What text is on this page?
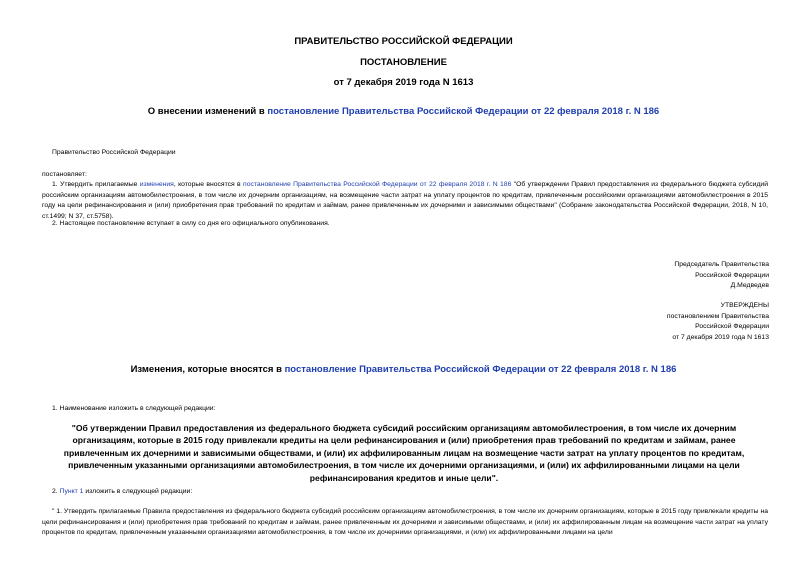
ПРАВИТЕЛЬСТВО РОССИЙСКОЙ ФЕДЕРАЦИИ
ПОСТАНОВЛЕНИЕ
от 7 декабря 2019 года N 1613
О внесении изменений в постановление Правительства Российской Федерации от 22 февраля 2018 г. N 186
Правительство Российской Федерации
постановляет:
1. Утвердить прилагаемые изменения, которые вносятся в постановление Правительства Российской Федерации от 22 февраля 2018 г. N 186 "Об утверждении Правил предоставления из федерального бюджета субсидий российским организациям автомобилестроения, в том числе их дочерним организациям, на возмещение части затрат на уплату процентов по кредитам, привлеченным российскими организациями автомобилестроения в 2015 году на цели рефинансирования и (или) приобретения прав требований по кредитам и займам, ранее привлеченным их дочерними и зависимыми обществами" (Собрание законодательства Российской Федерации, 2018, N 10, ст.1499; N 37, ст.5758).
2. Настоящее постановление вступает в силу со дня его официального опубликования.
Председатель Правительства
Российской Федерации
Д.Медведев
УТВЕРЖДЕНЫ
постановлением Правительства
Российской Федерации
от 7 декабря 2019 года N 1613
Изменения, которые вносятся в постановление Правительства Российской Федерации от 22 февраля 2018 г. N 186
1. Наименование изложить в следующей редакции:
"Об утверждении Правил предоставления из федерального бюджета субсидий российским организациям автомобилестроения, в том числе их дочерним организациям, которые в 2015 году привлекали кредиты на цели рефинансирования и (или) приобретения прав требований по кредитам и займам, ранее привлеченным их дочерними и зависимыми обществами, и (или) их аффилированным лицам на возмещение части затрат на уплату процентов по кредитам, привлеченным указанными организациями автомобилестроения, в том числе их дочерними организациями, и (или) их аффилированными лицами на цели рефинансирования кредитов и иные цели".
2. Пункт 1 изложить в следующей редакции:
" 1. Утвердить прилагаемые Правила предоставления из федерального бюджета субсидий российским организациям автомобилестроения, в том числе их дочерним организациям, которые в 2015 году привлекали кредиты на цели рефинансирования и (или) приобретения прав требований по кредитам и займам, ранее привлеченным их дочерними и зависимыми обществами, и (или) их аффилированным лицам на возмещение части затрат на уплату процентов по кредитам, привлеченным указанными организациями автомобилестроения, в том числе их дочерними организациями, и (или) их аффилированными лицами на цели
